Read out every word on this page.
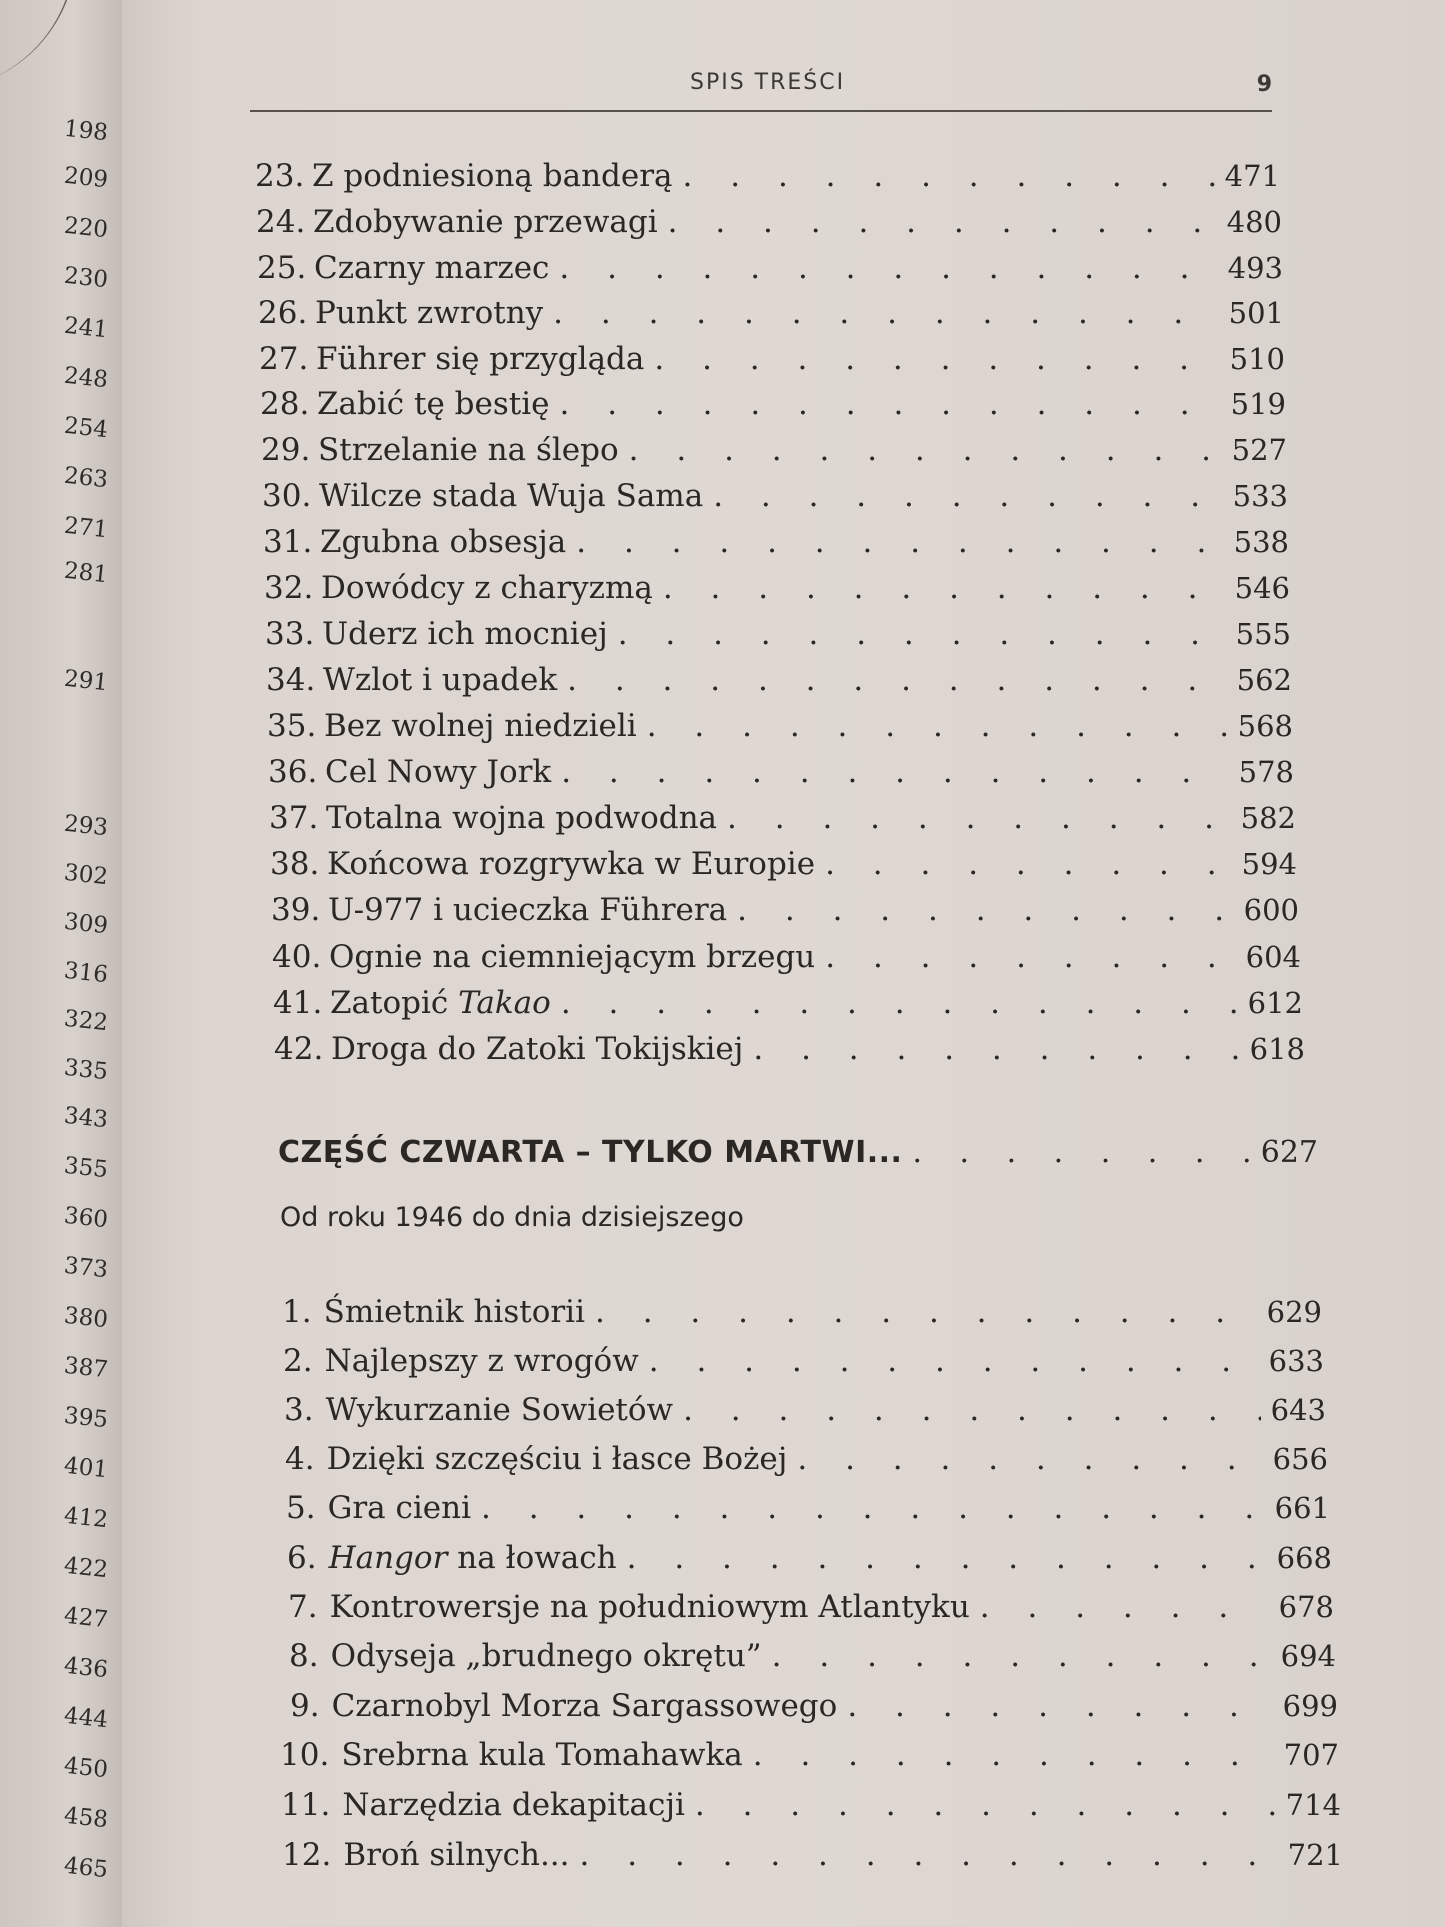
198
209
220
230
241
248
254
263
271
281
291
293
302
309
316
322
335
343
355
360
373
380
387
395
401
412
422
427
436
444
450
458
465
SPIS TREŚCI	9
23. Z podniesioną banderą . . .	471
24. Zdobywanie przewagi . . .	480
25. Czarny marzec . . .	493
26. Punkt zwrotny . . .	501
27. Führer się przygląda . . .	510
28. Zabić tę bestię . . .	519
29. Strzelanie na ślepo . . .	527
30. Wilcze stada Wuja Sama . . .	533
31. Zgubna obsesja . . .	538
32. Dowódcy z charyzmą . . .	546
33. Uderz ich mocniej . . .	555
34. Wzlot i upadek . . .	562
35. Bez wolnej niedzieli . . .	568
36. Cel Nowy Jork . . .	578
37. Totalna wojna podwodna . . .	582
38. Końcowa rozgrywka w Europie . . .	594
39. U-977 i ucieczka Führera . . .	600
40. Ognie na ciemniejącym brzegu . . .	604
41. Zatopić Takao . . .	612
42. Droga do Zatoki Tokijskiej . . .	618
CZĘŚĆ CZWARTA – TYLKO MARTWI... . . .	627
Od roku 1946 do dnia dzisiejszego
1. Śmietnik historii . . .	629
2. Najlepszy z wrogów . . .	633
3. Wykurzanie Sowietów . . .	643
4. Dzięki szczęściu i łasce Bożej . . .	656
5. Gra cieni . . .	661
6. Hangor na łowach . . .	668
7. Kontrowersje na południowym Atlantyku . . .	678
8. Odyseja „brudnego okrętu” . . .	694
9. Czarnobyl Morza Sargassowego . . .	699
10. Srebrna kula Tomahawka . . .	707
11. Narzędzia dekapitacji . . .	714
12. Broń silnych... . . .	721
